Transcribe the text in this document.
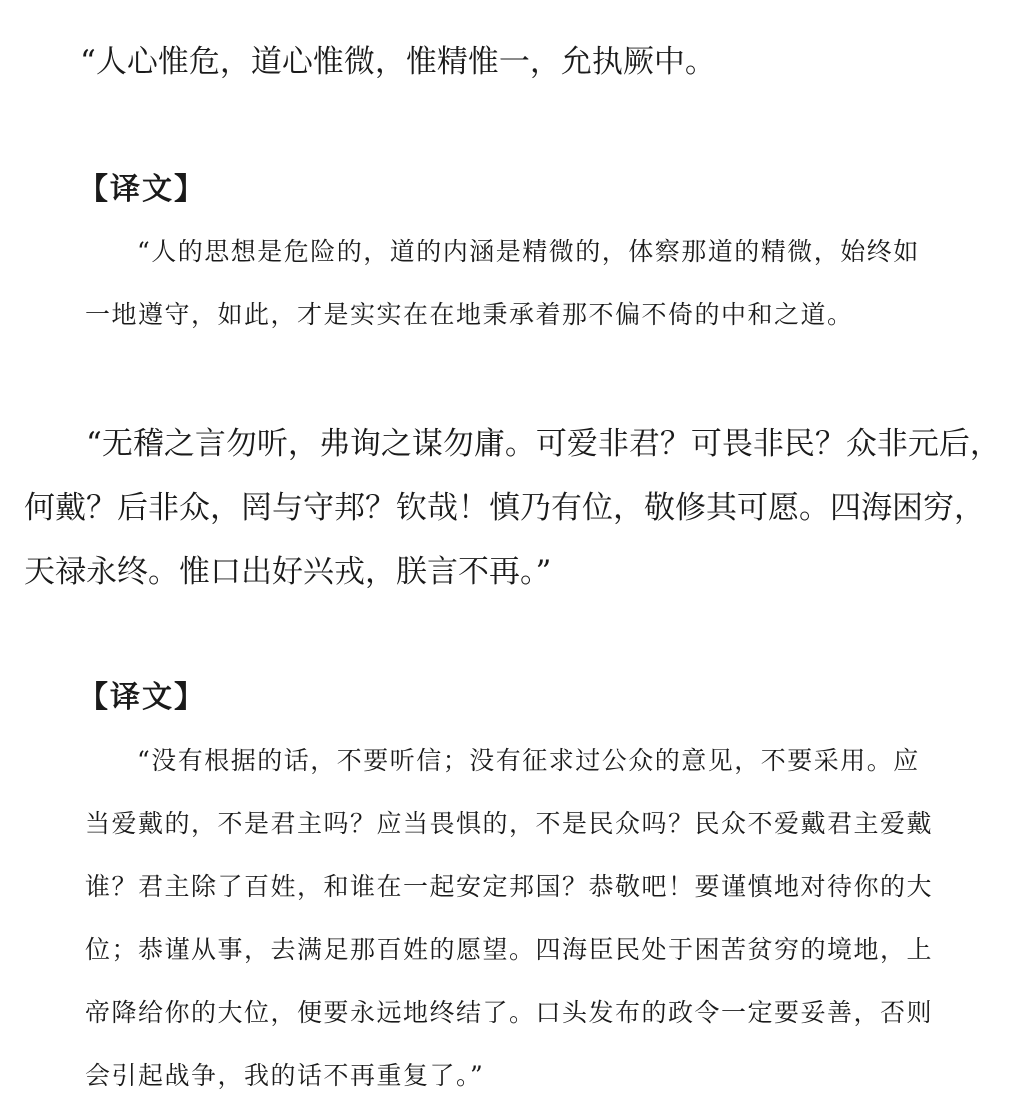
“人心惟危，道心惟微，惟精惟一，允执厥中。

【译文】

“人的思想是危险的，道的内涵是精微的，体察那道的精微，始终如一地遵守，如此，才是实实在在地秉承着那不偏不倚的中和之道。

“无稽之言勿听，弗询之谋勿庸。可爱非君？可畏非民？众非元后，何戴？后非众，罔与守邦？钦哉！慎乃有位，敬修其可愿。四海困穷，天禄永终。惟口出好兴戎，朕言不再。”

【译文】

“没有根据的话，不要听信；没有征求过公众的意见，不要采用。应当爱戴的，不是君主吗？应当畏惧的，不是民众吗？民众不爱戴君主爱戴谁？君主除了百姓，和谁在一起安定邦国？恭敬吧！要谨慎地对待你的大位；恭谨从事，去满足那百姓的愿望。四海臣民处于困苦贫穷的境地，上帝降给你的大位，便要永远地终结了。口头发布的政令一定要妥善，否则会引起战争，我的话不再重复了。”
